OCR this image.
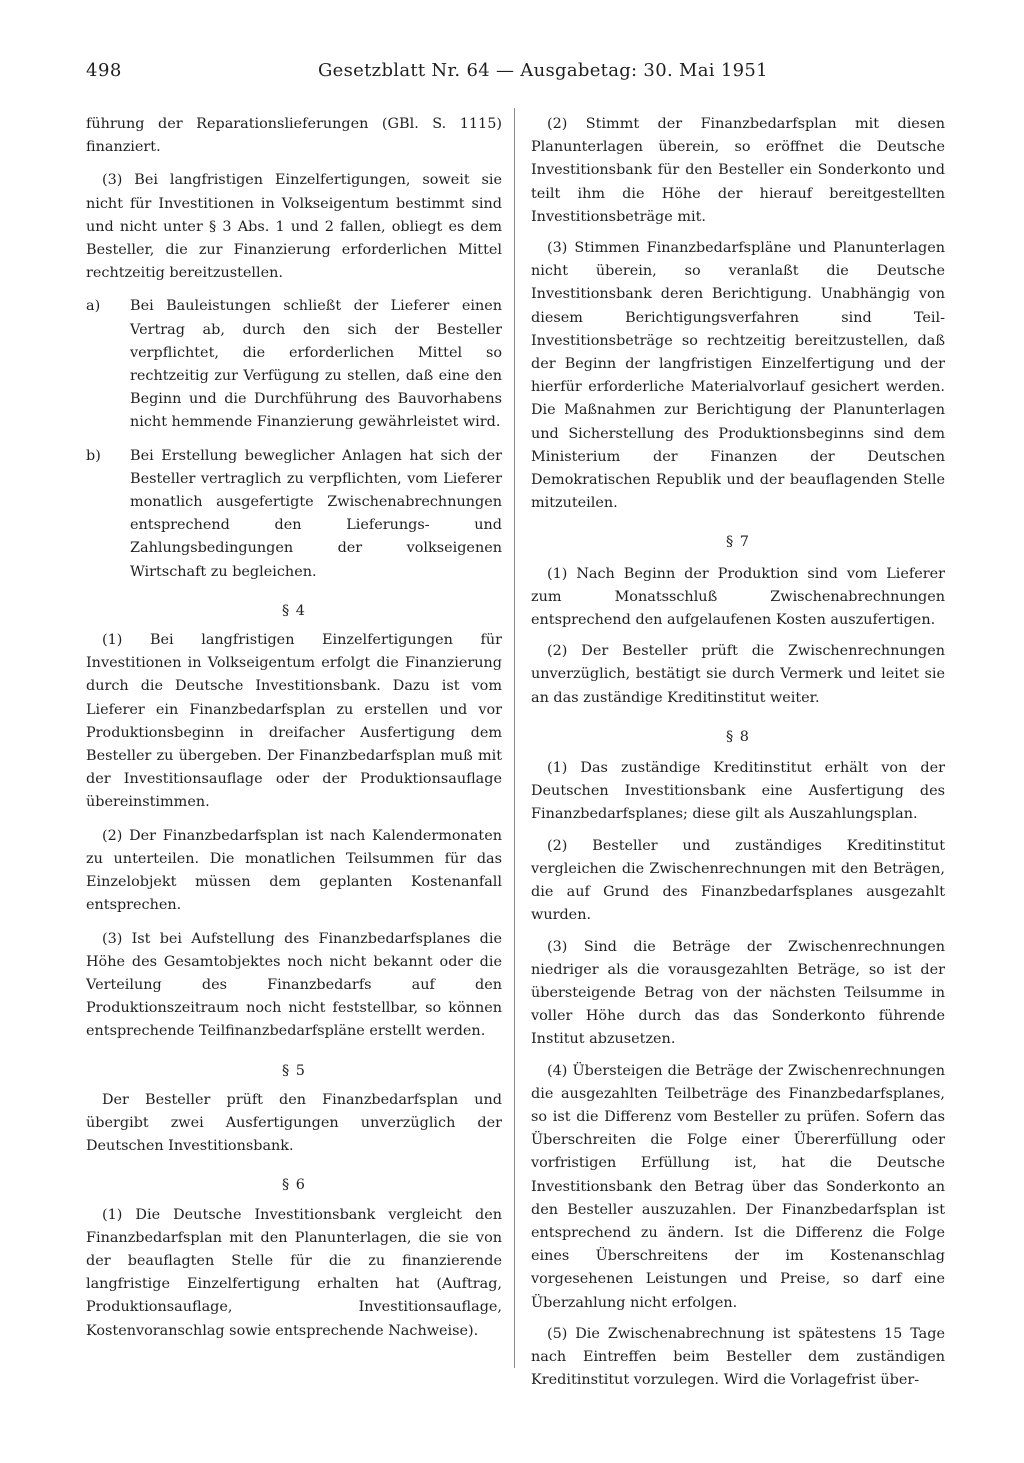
498	Gesetzblatt Nr. 64 — Ausgabetag: 30. Mai 1951

führung der Reparationslieferungen (GBl. S. 1115) finanziert.

(3) Bei langfristigen Einzelfertigungen, soweit sie nicht für Investitionen in Volkseigentum bestimmt sind und nicht unter § 3 Abs. 1 und 2 fallen, obliegt es dem Besteller, die zur Finanzierung erforderlichen Mittel rechtzeitig bereitzustellen.

a)	Bei Bauleistungen schließt der Lieferer einen Vertrag ab, durch den sich der Besteller verpflichtet, die erforderlichen Mittel so rechtzeitig zur Verfügung zu stellen, daß eine den Beginn und die Durchführung des Bauvorhabens nicht hemmende Finanzierung gewährleistet wird.
b)	Bei Erstellung beweglicher Anlagen hat sich der Besteller vertraglich zu verpflichten, vom Lieferer monatlich ausgefertigte Zwischenabrechnungen entsprechend den Lieferungs- und Zahlungsbedingungen der volkseigenen Wirtschaft zu begleichen.

§ 4

(1) Bei langfristigen Einzelfertigungen für Investitionen in Volkseigentum erfolgt die Finanzierung durch die Deutsche Investitionsbank. Dazu ist vom Lieferer ein Finanzbedarfsplan zu erstellen und vor Produktionsbeginn in dreifacher Ausfertigung dem Besteller zu übergeben. Der Finanzbedarfsplan muß mit der Investitionsauflage oder der Produktionsauflage übereinstimmen.

(2) Der Finanzbedarfsplan ist nach Kalendermonaten zu unterteilen. Die monatlichen Teilsummen für das Einzelobjekt müssen dem geplanten Kostenanfall entsprechen.

(3) Ist bei Aufstellung des Finanzbedarfsplanes die Höhe des Gesamtobjektes noch nicht bekannt oder die Verteilung des Finanzbedarfs auf den Produktionszeitraum noch nicht feststellbar, so können entsprechende Teilfinanzbedarfspläne erstellt werden.

§ 5

Der Besteller prüft den Finanzbedarfsplan und übergibt zwei Ausfertigungen unverzüglich der Deutschen Investitionsbank.

§ 6

(1) Die Deutsche Investitionsbank vergleicht den Finanzbedarfsplan mit den Planunterlagen, die sie von der beauflagten Stelle für die zu finanzierende langfristige Einzelfertigung erhalten hat (Auftrag, Produktionsauflage, Investitionsauflage, Kostenvoranschlag sowie entsprechende Nachweise).

(2) Stimmt der Finanzbedarfsplan mit diesen Planunterlagen überein, so eröffnet die Deutsche Investitionsbank für den Besteller ein Sonderkonto und teilt ihm die Höhe der hierauf bereitgestellten Investitionsbeträge mit.

(3) Stimmen Finanzbedarfspläne und Planunterlagen nicht überein, so veranlaßt die Deutsche Investitionsbank deren Berichtigung. Unabhängig von diesem Berichtigungsverfahren sind Teil-Investitionsbeträge so rechtzeitig bereitzustellen, daß der Beginn der langfristigen Einzelfertigung und der hierfür erforderliche Materialvorlauf gesichert werden. Die Maßnahmen zur Berichtigung der Planunterlagen und Sicherstellung des Produktionsbeginns sind dem Ministerium der Finanzen der Deutschen Demokratischen Republik und der beauflagenden Stelle mitzuteilen.

§ 7

(1) Nach Beginn der Produktion sind vom Lieferer zum Monatsschluß Zwischenabrechnungen entsprechend den aufgelaufenen Kosten auszufertigen.

(2) Der Besteller prüft die Zwischenrechnungen unverzüglich, bestätigt sie durch Vermerk und leitet sie an das zuständige Kreditinstitut weiter.

§ 8

(1) Das zuständige Kreditinstitut erhält von der Deutschen Investitionsbank eine Ausfertigung des Finanzbedarfsplanes; diese gilt als Auszahlungsplan.

(2) Besteller und zuständiges Kreditinstitut vergleichen die Zwischenrechnungen mit den Beträgen, die auf Grund des Finanzbedarfsplanes ausgezahlt wurden.

(3) Sind die Beträge der Zwischenrechnungen niedriger als die vorausgezahlten Beträge, so ist der übersteigende Betrag von der nächsten Teilsumme in voller Höhe durch das das Sonderkonto führende Institut abzusetzen.

(4) Übersteigen die Beträge der Zwischenrechnungen die ausgezahlten Teilbeträge des Finanzbedarfsplanes, so ist die Differenz vom Besteller zu prüfen. Sofern das Überschreiten die Folge einer Übererfüllung oder vorfristigen Erfüllung ist, hat die Deutsche Investitionsbank den Betrag über das Sonderkonto an den Besteller auszuzahlen. Der Finanzbedarfsplan ist entsprechend zu ändern. Ist die Differenz die Folge eines Überschreitens der im Kostenanschlag vorgesehenen Leistungen und Preise, so darf eine Überzahlung nicht erfolgen.

(5) Die Zwischenabrechnung ist spätestens 15 Tage nach Eintreffen beim Besteller dem zuständigen Kreditinstitut vorzulegen. Wird die Vorlagefrist über-
